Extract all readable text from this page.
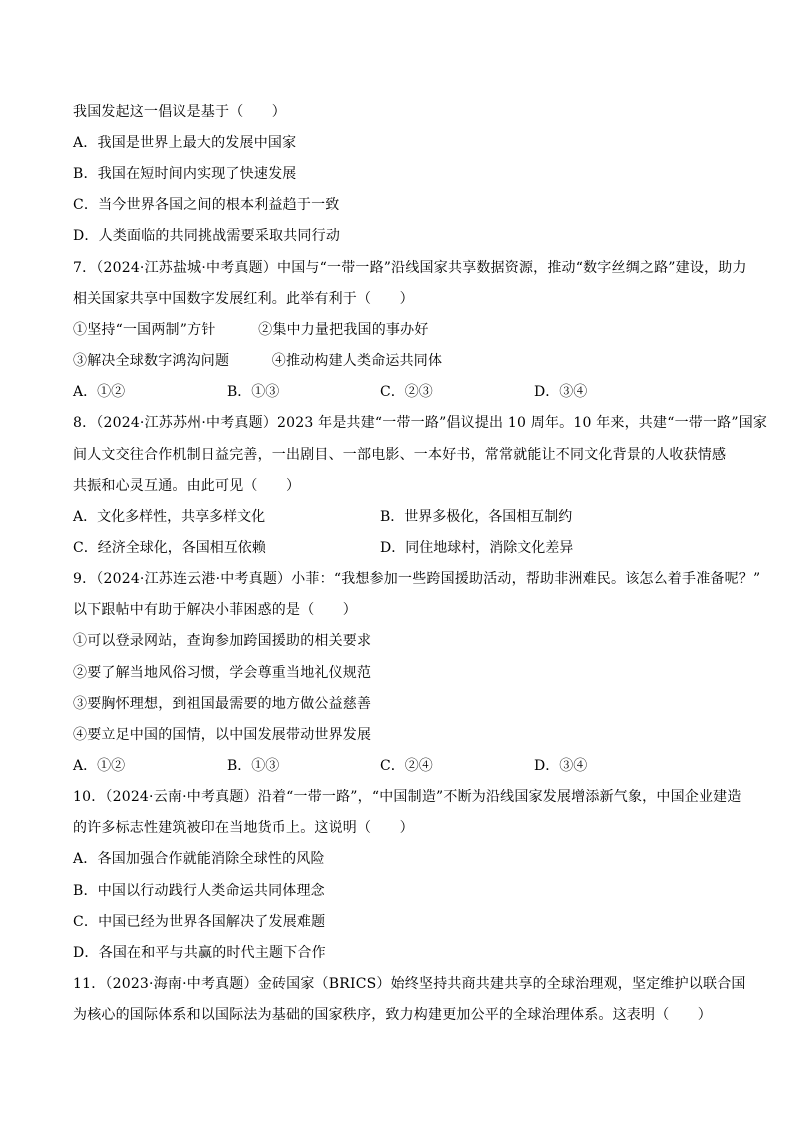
我国发起这一倡议是基于（　　）
A．我国是世界上最大的发展中国家
B．我国在短时间内实现了快速发展
C．当今世界各国之间的根本利益趋于一致
D．人类面临的共同挑战需要采取共同行动
7．（2024·江苏盐城·中考真题）中国与“一带一路”沿线国家共享数据资源，推动“数字丝绸之路”建设，助力
相关国家共享中国数字发展红利。此举有利于（　　）
①坚持“一国两制”方针　　　②集中力量把我国的事办好
③解决全球数字鸿沟问题　　　④推动构建人类命运共同体
A．①②	B．①③	C．②③	D．③④
8．（2024·江苏苏州·中考真题）2023 年是共建“一带一路”倡议提出 10 周年。10 年来，共建“一带一路”国家
间人文交往合作机制日益完善，一出剧目、一部电影、一本好书，常常就能让不同文化背景的人收获情感
共振和心灵互通。由此可见（　　）
A．文化多样性，共享多样文化	B．世界多极化，各国相互制约
C．经济全球化，各国相互依赖	D．同住地球村，消除文化差异
9．（2024·江苏连云港·中考真题）小菲：“我想参加一些跨国援助活动，帮助非洲难民。该怎么着手准备呢？”
以下跟帖中有助于解决小菲困惑的是（　　）
①可以登录网站，查询参加跨国援助的相关要求
②要了解当地风俗习惯，学会尊重当地礼仪规范
③要胸怀理想，到祖国最需要的地方做公益慈善
④要立足中国的国情，以中国发展带动世界发展
A．①②	B．①③	C．②④	D．③④
10．（2024·云南·中考真题）沿着“一带一路”，“中国制造”不断为沿线国家发展增添新气象，中国企业建造
的许多标志性建筑被印在当地货币上。这说明（　　）
A．各国加强合作就能消除全球性的风险
B．中国以行动践行人类命运共同体理念
C．中国已经为世界各国解决了发展难题
D．各国在和平与共赢的时代主题下合作
11．（2023·海南·中考真题）金砖国家（BRICS）始终坚持共商共建共享的全球治理观，坚定维护以联合国
为核心的国际体系和以国际法为基础的国家秩序，致力构建更加公平的全球治理体系。这表明（　　）
